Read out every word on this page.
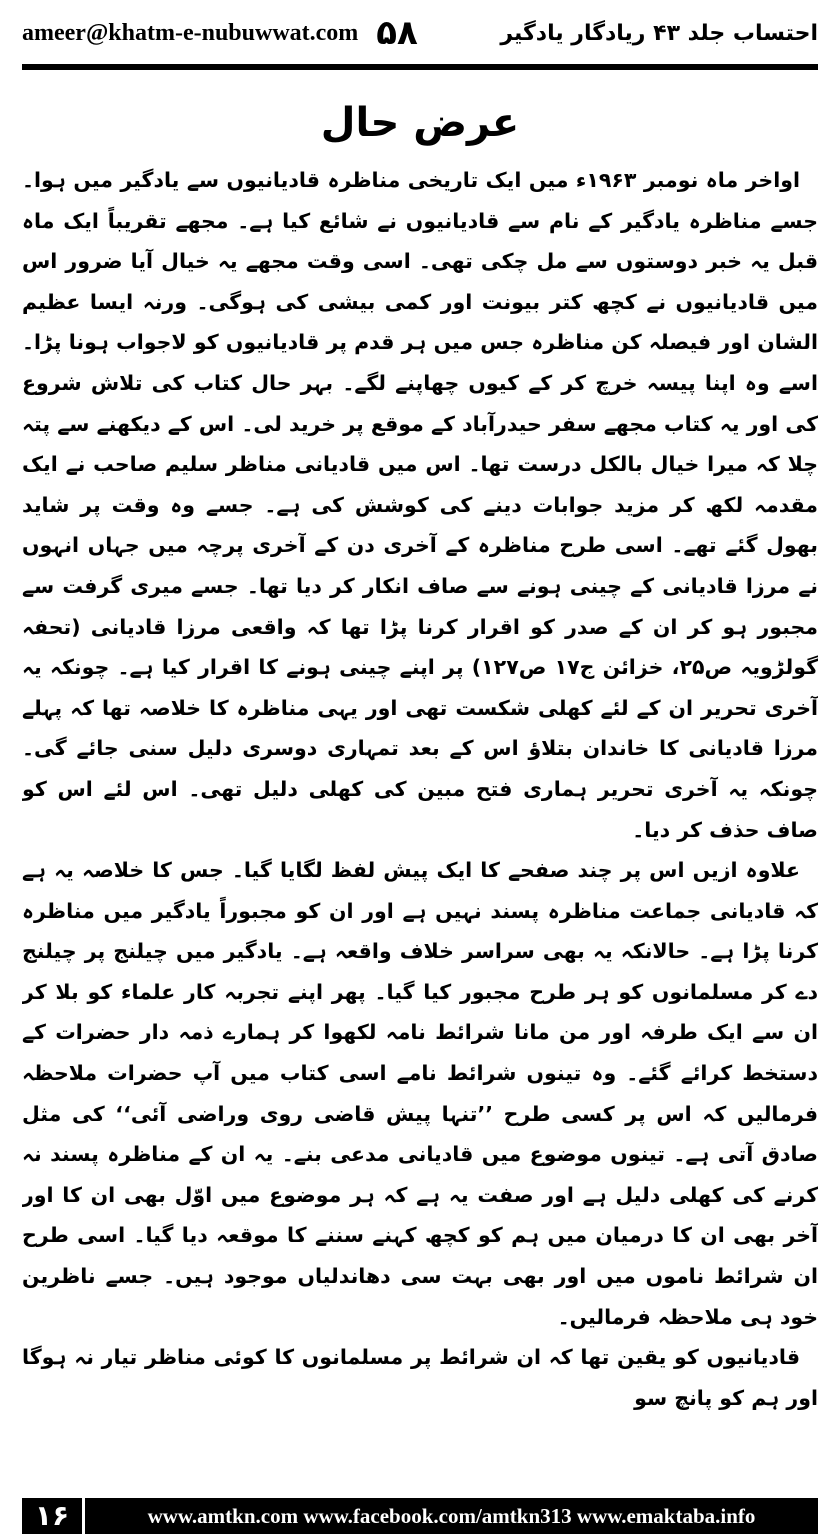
ameer@khatm-e-nubuwwat.com ۵۸	احتساب جلد ۴۳ ریادگار یادگیر
عرض حال

اواخر ماہ نومبر ۱۹۶۳ء میں ایک تاریخی مناظرہ قادیانیوں سے یادگیر میں ہوا۔ جسے مناظرہ یادگیر کے نام سے قادیانیوں نے شائع کیا ہے۔ مجھے تقریباً ایک ماہ قبل یہ خبر دوستوں سے مل چکی تھی۔ اسی وقت مجھے یہ خیال آیا ضرور اس میں قادیانیوں نے کچھ کتر بیونت اور کمی بیشی کی ہوگی۔ ورنہ ایسا عظیم الشان اور فیصلہ کن مناظرہ جس میں ہر قدم پر قادیانیوں کو لاجواب ہونا پڑا۔ اسے وہ اپنا پیسہ خرچ کر کے کیوں چھاپنے لگے۔ بہر حال کتاب کی تلاش شروع کی اور یہ کتاب مجھے سفر حیدرآباد کے موقع پر خرید لی۔ اس کے دیکھنے سے پتہ چلا کہ میرا خیال بالکل درست تھا۔ اس میں قادیانی مناظر سلیم صاحب نے ایک مقدمہ لکھ کر مزید جوابات دینے کی کوشش کی ہے۔ جسے وہ وقت پر شاید بھول گئے تھے۔ اسی طرح مناظرہ کے آخری دن کے آخری پرچہ میں جہاں انہوں نے مرزا قادیانی کے چینی ہونے سے صاف انکار کر دیا تھا۔ جسے میری گرفت سے مجبور ہو کر ان کے صدر کو اقرار کرنا پڑا تھا کہ واقعی مرزا قادیانی (تحفہ گولڑویہ ص۲۵، خزائن ج۱۷ ص۱۲۷) پر اپنے چینی ہونے کا اقرار کیا ہے۔ چونکہ یہ آخری تحریر ان کے لئے کھلی شکست تھی اور یہی مناظرہ کا خلاصہ تھا کہ پہلے مرزا قادیانی کا خاندان بتلاؤ اس کے بعد تمہاری دوسری دلیل سنی جائے گی۔ چونکہ یہ آخری تحریر ہماری فتح مبین کی کھلی دلیل تھی۔ اس لئے اس کو صاف حذف کر دیا۔

علاوہ ازیں اس پر چند صفحے کا ایک پیش لفظ لگایا گیا۔ جس کا خلاصہ یہ ہے کہ قادیانی جماعت مناظرہ پسند نہیں ہے اور ان کو مجبوراً یادگیر میں مناظرہ کرنا پڑا ہے۔ حالانکہ یہ بھی سراسر خلاف واقعہ ہے۔ یادگیر میں چیلنج پر چیلنج دے کر مسلمانوں کو ہر طرح مجبور کیا گیا۔ پھر اپنے تجربہ کار علماء کو بلا کر ان سے ایک طرفہ اور من مانا شرائط نامہ لکھوا کر ہمارے ذمہ دار حضرات کے دستخط کرائے گئے۔ وہ تینوں شرائط نامے اسی کتاب میں آپ حضرات ملاحظہ فرمالیں کہ اس پر کسی طرح ’’تنہا پیش قاضی روی وراضی آئی‘‘ کی مثل صادق آتی ہے۔ تینوں موضوع میں قادیانی مدعی بنے۔ یہ ان کے مناظرہ پسند نہ کرنے کی کھلی دلیل ہے اور صفت یہ ہے کہ ہر موضوع میں اوّل بھی ان کا اور آخر بھی ان کا درمیان میں ہم کو کچھ کہنے سننے کا موقعہ دیا گیا۔ اسی طرح ان شرائط ناموں میں اور بھی بہت سی دھاندلیاں موجود ہیں۔ جسے ناظرین خود ہی ملاحظہ فرمالیں۔

قادیانیوں کو یقین تھا کہ ان شرائط پر مسلمانوں کا کوئی مناظر تیار نہ ہوگا اور ہم کو پانچ سو

۱۶	www.amtkn.com www.facebook.com/amtkn313 www.emaktaba.info
